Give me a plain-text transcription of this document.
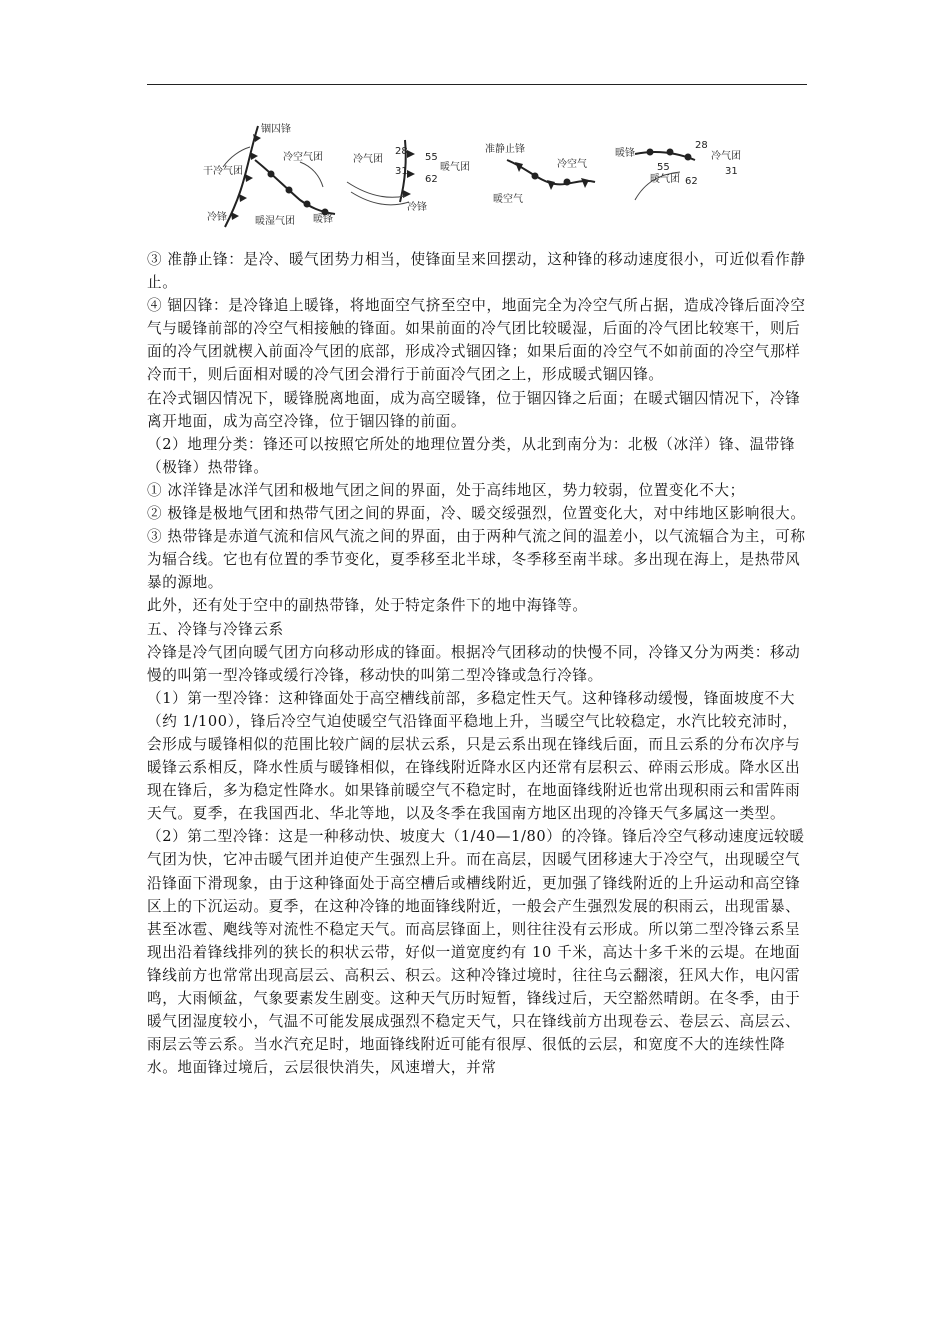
锢囚锋
冷空气团
干冷气团
冷锋	暖湿气团 暖锋
冷气团
28
31
55
62
暖气团
冷锋
准静止锋
冷空气
暖空气
暖锋
28
冷气团
55
暖气团
31
62

③ 准静止锋：是冷、暖气团势力相当，使锋面呈来回摆动，这种锋的移动速度很小，可近似看作静止。

④ 锢囚锋：是冷锋追上暖锋，将地面空气挤至空中，地面完全为冷空气所占据，造成冷锋后面冷空气与暖锋前部的冷空气相接触的锋面。如果前面的冷气团比较暖湿，后面的冷气团比较寒干，则后面的冷气团就楔入前面冷气团的底部，形成冷式锢囚锋；如果后面的冷空气不如前面的冷空气那样冷而干，则后面相对暖的冷气团会滑行于前面冷气团之上，形成暖式锢囚锋。

在冷式锢囚情况下，暖锋脱离地面，成为高空暖锋，位于锢囚锋之后面；在暖式锢囚情况下，冷锋离开地面，成为高空冷锋，位于锢囚锋的前面。

（2）地理分类：锋还可以按照它所处的地理位置分类，从北到南分为：北极（冰洋）锋、温带锋（极锋）热带锋。

① 冰洋锋是冰洋气团和极地气团之间的界面，处于高纬地区，势力较弱，位置变化不大；

② 极锋是极地气团和热带气团之间的界面，冷、暖交绥强烈，位置变化大，对中纬地区影响很大。

③ 热带锋是赤道气流和信风气流之间的界面，由于两种气流之间的温差小，以气流辐合为主，可称为辐合线。它也有位置的季节变化，夏季移至北半球，冬季移至南半球。多出现在海上，是热带风暴的源地。

此外，还有处于空中的副热带锋，处于特定条件下的地中海锋等。

五、冷锋与冷锋云系

冷锋是冷气团向暖气团方向移动形成的锋面。根据冷气团移动的快慢不同，冷锋又分为两类：移动慢的叫第一型冷锋或缓行冷锋，移动快的叫第二型冷锋或急行冷锋。

（1）第一型冷锋：这种锋面处于高空槽线前部，多稳定性天气。这种锋移动缓慢，锋面坡度不大（约 1/100），锋后冷空气迫使暖空气沿锋面平稳地上升，当暖空气比较稳定，水汽比较充沛时，会形成与暖锋相似的范围比较广阔的层状云系，只是云系出现在锋线后面，而且云系的分布次序与暖锋云系相反，降水性质与暖锋相似，在锋线附近降水区内还常有层积云、碎雨云形成。降水区出现在锋后，多为稳定性降水。如果锋前暖空气不稳定时，在地面锋线附近也常出现积雨云和雷阵雨天气。夏季，在我国西北、华北等地，以及冬季在我国南方地区出现的冷锋天气多属这一类型。

（2）第二型冷锋：这是一种移动快、坡度大（1/40—1/80）的冷锋。锋后冷空气移动速度远较暖气团为快，它冲击暖气团并迫使产生强烈上升。而在高层，因暖气团移速大于冷空气，出现暖空气沿锋面下滑现象，由于这种锋面处于高空槽后或槽线附近，更加强了锋线附近的上升运动和高空锋区上的下沉运动。夏季，在这种冷锋的地面锋线附近，一般会产生强烈发展的积雨云，出现雷暴、甚至冰雹、飑线等对流性不稳定天气。而高层锋面上，则往往没有云形成。所以第二型冷锋云系呈现出沿着锋线排列的狭长的积状云带，好似一道宽度约有 10 千米，高达十多千米的云堤。在地面锋线前方也常常出现高层云、高积云、积云。这种冷锋过境时，往往乌云翻滚，狂风大作，电闪雷鸣，大雨倾盆，气象要素发生剧变。这种天气历时短暂，锋线过后，天空豁然晴朗。在冬季，由于暖气团湿度较小，气温不可能发展成强烈不稳定天气，只在锋线前方出现卷云、卷层云、高层云、雨层云等云系。当水汽充足时，地面锋线附近可能有很厚、很低的云层，和宽度不大的连续性降水。地面锋过境后，云层很快消失，风速增大，并常
